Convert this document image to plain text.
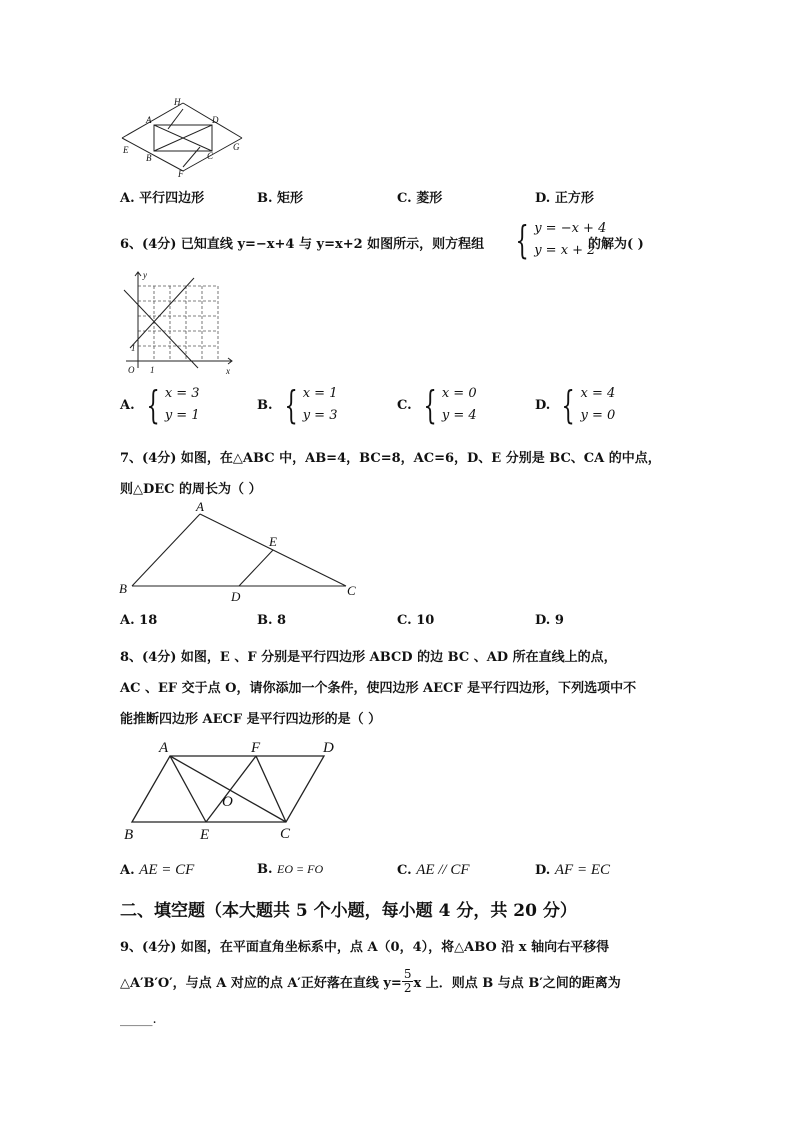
H
A	D
E	G
B	C
F
A. 平行四边形	B. 矩形	C. 菱形	D. 正方形
6、(4分) 已知直线 y=−x+4 与 y=x+2 如图所示，则方程组 { y = −x + 4
y = x + 2
的解为( )
y
x
O 1
1
A. { x = 3
y = 1
B. { x = 1
y = 3
C. { x = 0
y = 4
D. { x = 4
y = 0
7、(4分) 如图，在△ABC 中，AB=4，BC=8，AC=6，D、E 分别是 BC、CA 的中点，
则△DEC 的周长为（ ）
A
E
B
D	C
A. 18	B. 8	C. 10	D. 9
8、(4分) 如图，E 、F 分别是平行四边形 ABCD 的边 BC 、AD 所在直线上的点，
AC 、EF 交于点 O，请你添加一个条件，使四边形 AECF 是平行四边形，下列选项中不
能推断四边形 AECF 是平行四边形的是（ ）
A	F	D
O
B	E	C
A. AE = CF	B. EO = FO	C. AE // CF	D. AF = EC
二、填空题（本大题共 5 个小题，每小题 4 分，共 20 分）
9、(4分) 如图，在平面直角坐标系中，点 A（0，4），将△ABO 沿 x 轴向右平移得
△A′B′O′，与点 A 对应的点 A′正好落在直线 $y= \frac{5}{2}$ x 上．则点 B 与点 B′之间的距离为
_____.
